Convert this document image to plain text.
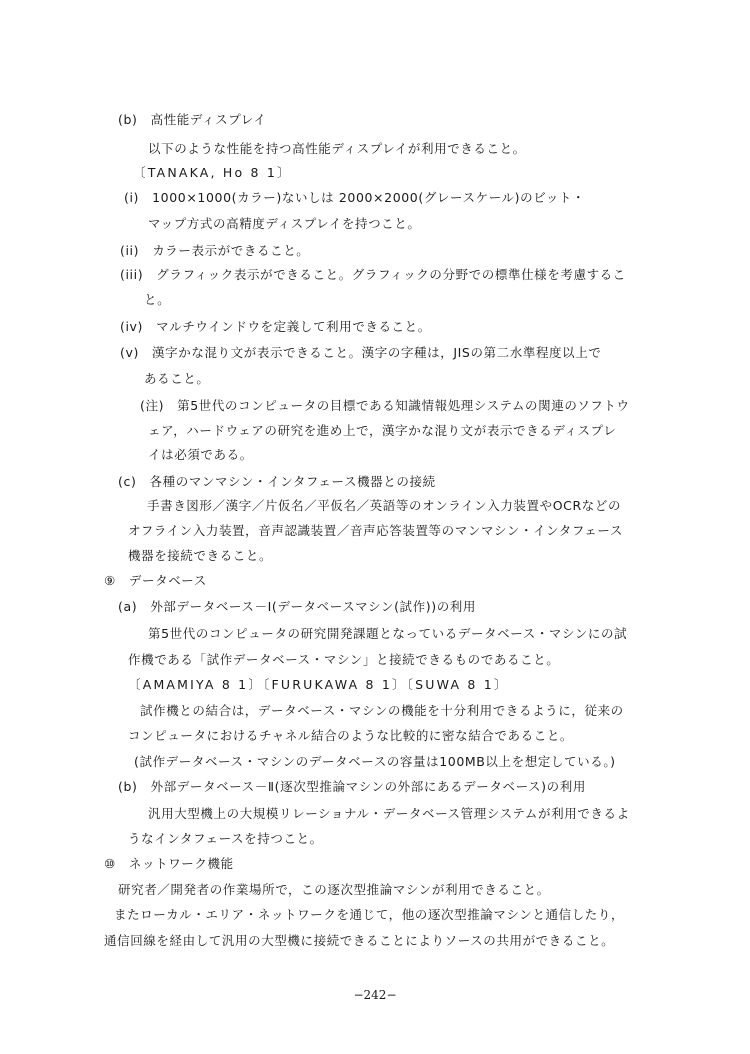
(b)　高性能ディスプレイ
以下のような性能を持つ高性能ディスプレイが利用できること。
〔TANAKA, Ho 8 1〕
(i)　1000×1000(カラー)ないしは 2000×2000(グレースケール)のビット・
マップ方式の高精度ディスプレイを持つこと。
(ii)　カラー表示ができること。
(iii)　グラフィック表示ができること。グラフィックの分野での標準仕様を考慮するこ
と。
(iv)　マルチウインドウを定義して利用できること。
(v)　漢字かな混り文が表示できること。漢字の字種は，JISの第二水準程度以上で
あること。
(注)　第5世代のコンピュータの目標である知識情報処理システムの関連のソフトウ
ェア，ハードウェアの研究を進め上で，漢字かな混り文が表示できるディスプレ
イは必須である。
(c)　各種のマンマシン・インタフェース機器との接続
手書き図形／漢字／片仮名／平仮名／英語等のオンライン入力装置やOCRなどの
オフライン入力装置，音声認識装置／音声応答装置等のマンマシン・インタフェース
機器を接続できること。
⑨　データベース
(a)　外部データベース－Ⅰ(データベースマシン(試作))の利用
第5世代のコンピュータの研究開発課題となっているデータベース・マシンにの試
作機である「試作データベース・マシン」と接続できるものであること。
〔AMAMIYA 8 1〕〔FURUKAWA 8 1〕〔SUWA 8 1〕
試作機との結合は，データベース・マシンの機能を十分利用できるように，従来の
コンピュータにおけるチャネル結合のような比較的に密な結合であること。
(試作データベース・マシンのデータベースの容量は100MB以上を想定している。)
(b)　外部データベース－Ⅱ(逐次型推論マシンの外部にあるデータベース)の利用
汎用大型機上の大規模リレーショナル・データベース管理システムが利用できるよ
うなインタフェースを持つこと。
⑩　ネットワーク機能
研究者／開発者の作業場所で，この逐次型推論マシンが利用できること。
またローカル・エリア・ネットワークを通じて，他の逐次型推論マシンと通信したり，
通信回線を経由して汎用の大型機に接続できることによりソースの共用ができること。
−242−
